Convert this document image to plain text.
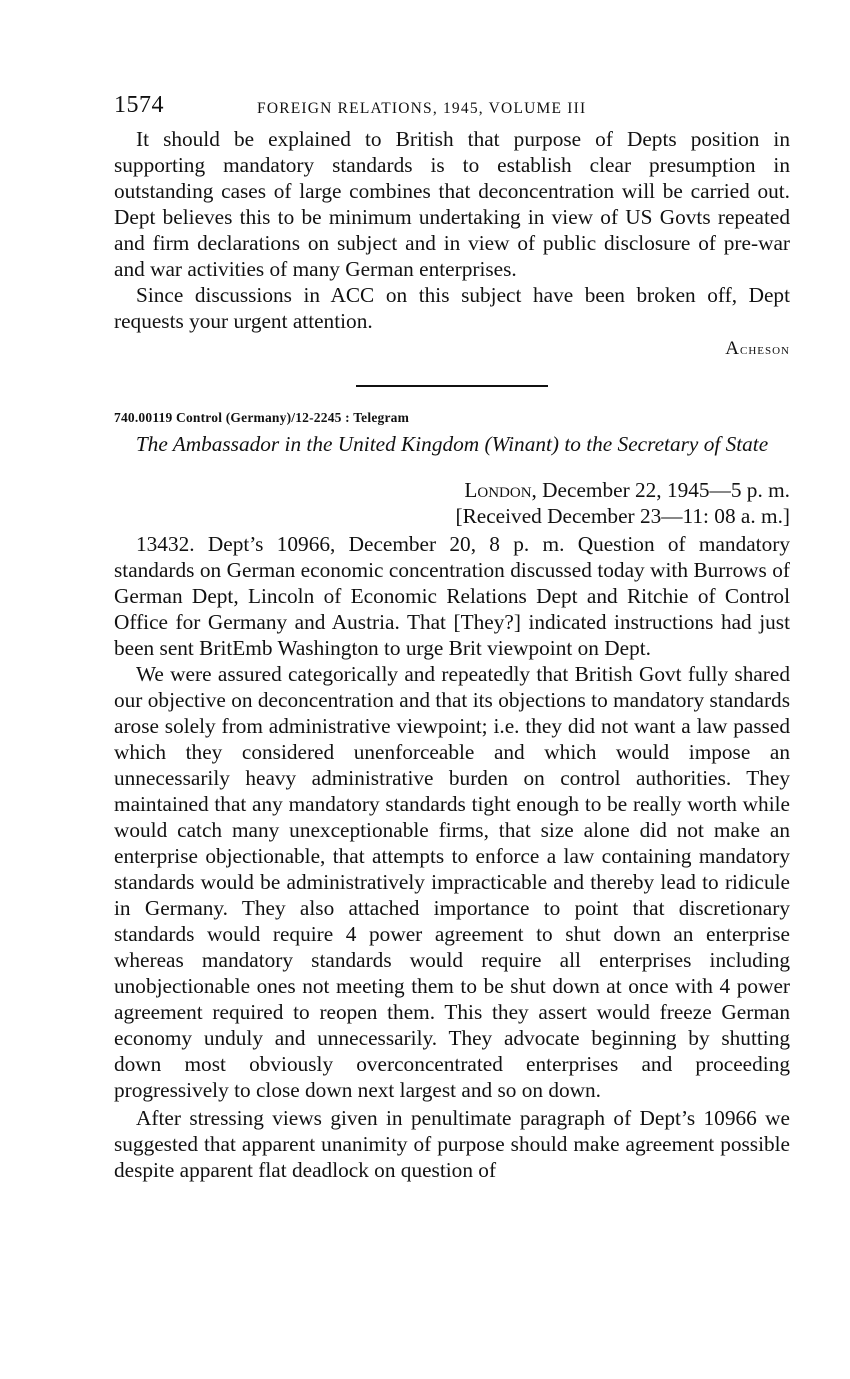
1574	FOREIGN RELATIONS, 1945, VOLUME III

It should be explained to British that purpose of Depts position in supporting mandatory standards is to establish clear presumption in outstanding cases of large combines that deconcentration will be carried out. Dept believes this to be minimum undertaking in view of US Govts repeated and firm declarations on subject and in view of public disclosure of pre-war and war activities of many German enterprises.

Since discussions in ACC on this subject have been broken off, Dept requests your urgent attention.

Acheson
740.00119 Control (Germany)/12-2245 : Telegram
The Ambassador in the United Kingdom (Winant) to the Secretary of State
London, December 22, 1945—5 p. m.
[Received December 23—11: 08 a. m.]

13432. Dept’s 10966, December 20, 8 p. m. Question of mandatory standards on German economic concentration discussed today with Burrows of German Dept, Lincoln of Economic Relations Dept and Ritchie of Control Office for Germany and Austria. That [They?] indicated instructions had just been sent BritEmb Washington to urge Brit viewpoint on Dept.

We were assured categorically and repeatedly that British Govt fully shared our objective on deconcentration and that its objections to mandatory standards arose solely from administrative viewpoint; i.e. they did not want a law passed which they considered unenforceable and which would impose an unnecessarily heavy administrative burden on control authorities. They maintained that any mandatory standards tight enough to be really worth while would catch many unexceptionable firms, that size alone did not make an enterprise objectionable, that attempts to enforce a law containing mandatory standards would be administratively impracticable and thereby lead to ridicule in Germany. They also attached importance to point that discretionary standards would require 4 power agreement to shut down an enterprise whereas mandatory standards would require all enterprises including unobjectionable ones not meeting them to be shut down at once with 4 power agreement required to reopen them. This they assert would freeze German economy unduly and unnecessarily. They advocate beginning by shutting down most obviously overconcentrated enterprises and proceeding progressively to close down next largest and so on down.

After stressing views given in penultimate paragraph of Dept’s 10966 we suggested that apparent unanimity of purpose should make agreement possible despite apparent flat deadlock on question of
